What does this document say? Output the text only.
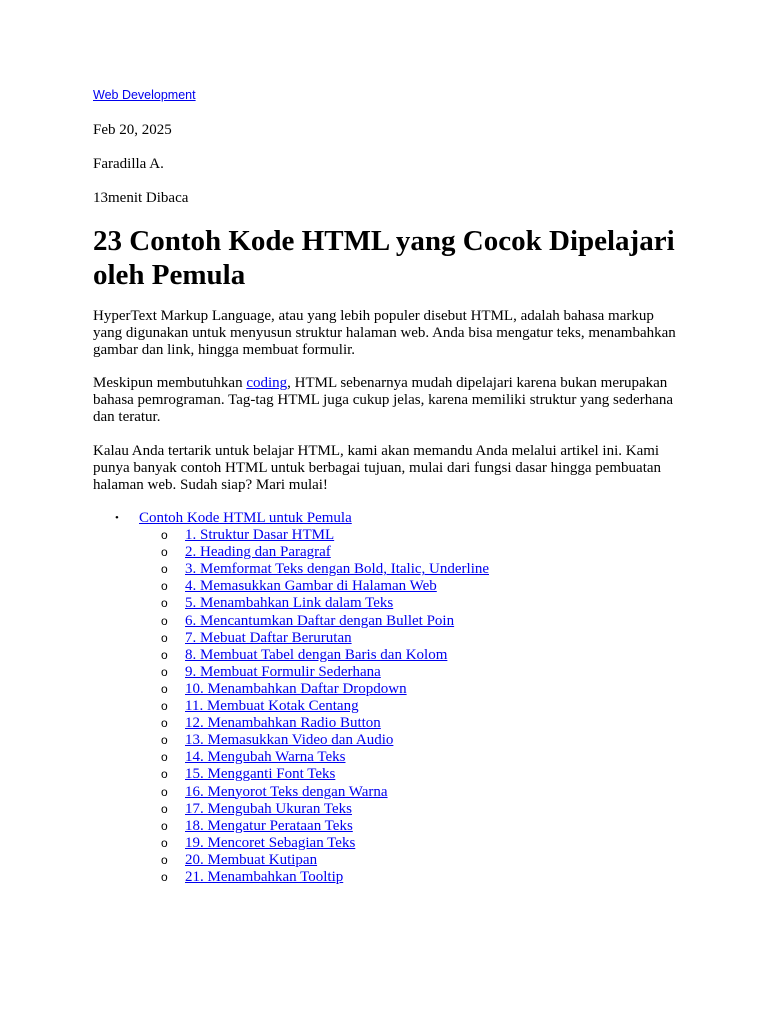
Web Development
Feb 20, 2025
Faradilla A.
13menit Dibaca
23 Contoh Kode HTML yang Cocok Dipelajari oleh Pemula

HyperText Markup Language, atau yang lebih populer disebut HTML, adalah bahasa markup yang digunakan untuk menyusun struktur halaman web. Anda bisa mengatur teks, menambahkan gambar dan link, hingga membuat formulir.

Meskipun membutuhkan coding, HTML sebenarnya mudah dipelajari karena bukan merupakan bahasa pemrograman. Tag-tag HTML juga cukup jelas, karena memiliki struktur yang sederhana dan teratur.

Kalau Anda tertarik untuk belajar HTML, kami akan memandu Anda melalui artikel ini. Kami punya banyak contoh HTML untuk berbagai tujuan, mulai dari fungsi dasar hingga pembuatan halaman web. Sudah siap? Mari mulai!

• Contoh Kode HTML untuk Pemula
o 1. Struktur Dasar HTML
o 2. Heading dan Paragraf
o 3. Memformat Teks dengan Bold, Italic, Underline
o 4. Memasukkan Gambar di Halaman Web
o 5. Menambahkan Link dalam Teks
o 6. Mencantumkan Daftar dengan Bullet Poin
o 7. Mebuat Daftar Berurutan
o 8. Membuat Tabel dengan Baris dan Kolom
o 9. Membuat Formulir Sederhana
o 10. Menambahkan Daftar Dropdown
o 11. Membuat Kotak Centang
o 12. Menambahkan Radio Button
o 13. Memasukkan Video dan Audio
o 14. Mengubah Warna Teks
o 15. Mengganti Font Teks
o 16. Menyorot Teks dengan Warna
o 17. Mengubah Ukuran Teks
o 18. Mengatur Perataan Teks
o 19. Mencoret Sebagian Teks
o 20. Membuat Kutipan
o 21. Menambahkan Tooltip
